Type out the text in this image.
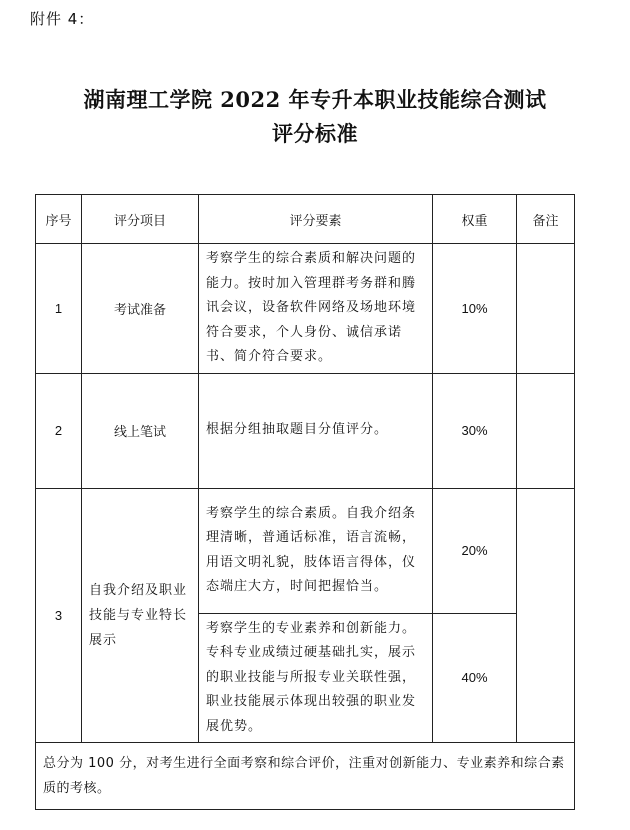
附件 4：
湖南理工学院 2022 年专升本职业技能综合测试
评分标准
序号	评分项目	评分要素	权重	备注
1	考试准备	考察学生的综合素质和解决问题的能力。按时加入管理群考务群和腾讯会议，设备软件网络及场地环境符合要求，个人身份、诚信承诺书、简介符合要求。	10%	
2	线上笔试	根据分组抽取题目分值评分。	30%	
3	自我介绍及职业技能与专业特长展示	考察学生的综合素质。自我介绍条理清晰，普通话标准，语言流畅，用语文明礼貌，肢体语言得体，仪态端庄大方，时间把握恰当。	20%	
		考察学生的专业素养和创新能力。专科专业成绩过硬基础扎实，展示的职业技能与所报专业关联性强，职业技能展示体现出较强的职业发展优势。	40%	
总分为 100 分，对考生进行全面考察和综合评价，注重对创新能力、专业素养和综合素质的考核。				
